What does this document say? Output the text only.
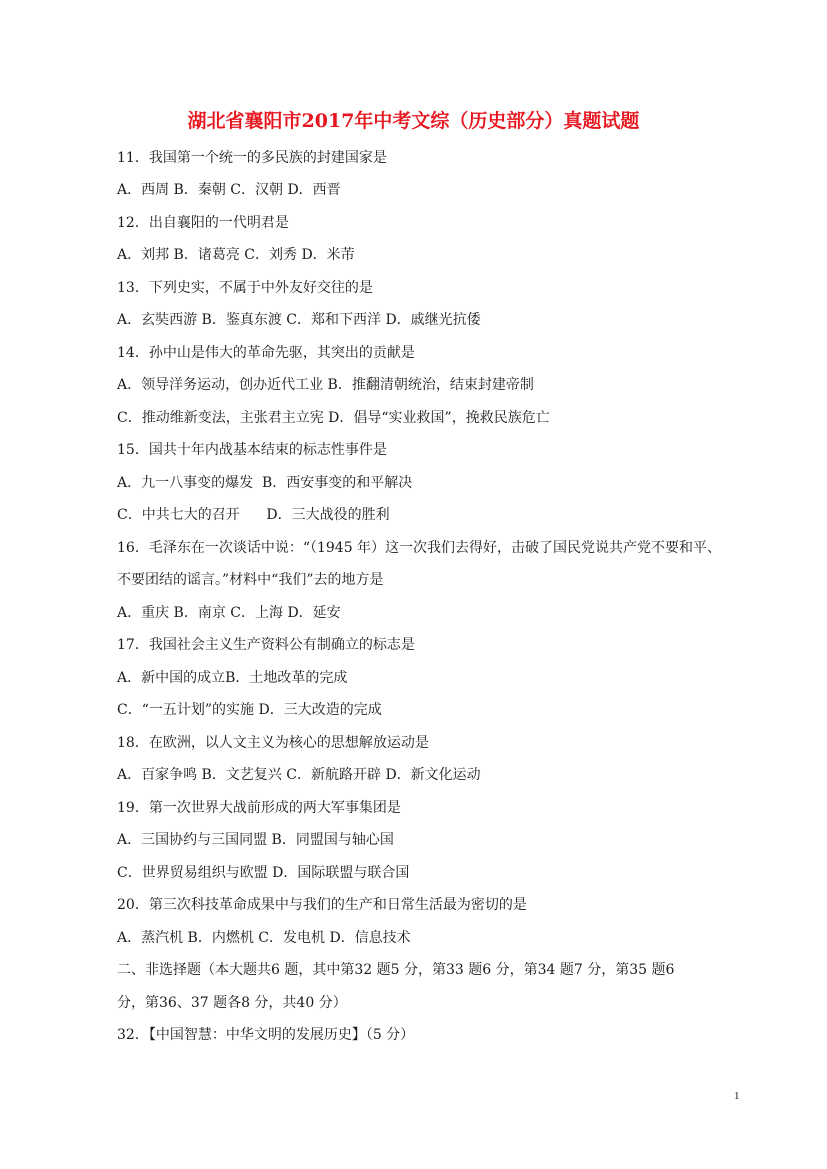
湖北省襄阳市2017年中考文综（历史部分）真题试题
11．我国第一个统一的多民族的封建国家是
A．西周 B．秦朝 C．汉朝 D．西晋
12．出自襄阳的一代明君是
A．刘邦 B．诸葛亮 C．刘秀 D．米芾
13．下列史实，不属于中外友好交往的是
A．玄奘西游 B．鉴真东渡 C．郑和下西洋 D．戚继光抗倭
14．孙中山是伟大的革命先驱，其突出的贡献是
A．领导洋务运动，创办近代工业 B．推翻清朝统治，结束封建帝制
C．推动维新变法，主张君主立宪 D．倡导“实业救国”，挽救民族危亡
15．国共十年内战基本结束的标志性事件是
A．九一八事变的爆发  B．西安事变的和平解决
C．中共七大的召开      D．三大战役的胜利
16．毛泽东在一次谈话中说：“（1945 年）这一次我们去得好，击破了国民党说共产党不要和平、
不要团结的谣言。”材料中“我们”去的地方是
A．重庆 B．南京 C．上海 D．延安
17．我国社会主义生产资料公有制确立的标志是
A．新中国的成立B．土地改革的完成
C．“一五计划”的实施 D．三大改造的完成
18．在欧洲，以人文主义为核心的思想解放运动是
A．百家争鸣 B．文艺复兴 C．新航路开辟 D．新文化运动
19．第一次世界大战前形成的两大军事集团是
A．三国协约与三国同盟 B．同盟国与轴心国
C．世界贸易组织与欧盟 D．国际联盟与联合国
20．第三次科技革命成果中与我们的生产和日常生活最为密切的是
A．蒸汽机 B．内燃机 C．发电机 D．信息技术
二、非选择题（本大题共6 题，其中第32 题5 分，第33 题6 分，第34 题7 分，第35 题6
分，第36、37 题各8 分，共40 分）
32．【中国智慧：中华文明的发展历史】（5 分）
1
